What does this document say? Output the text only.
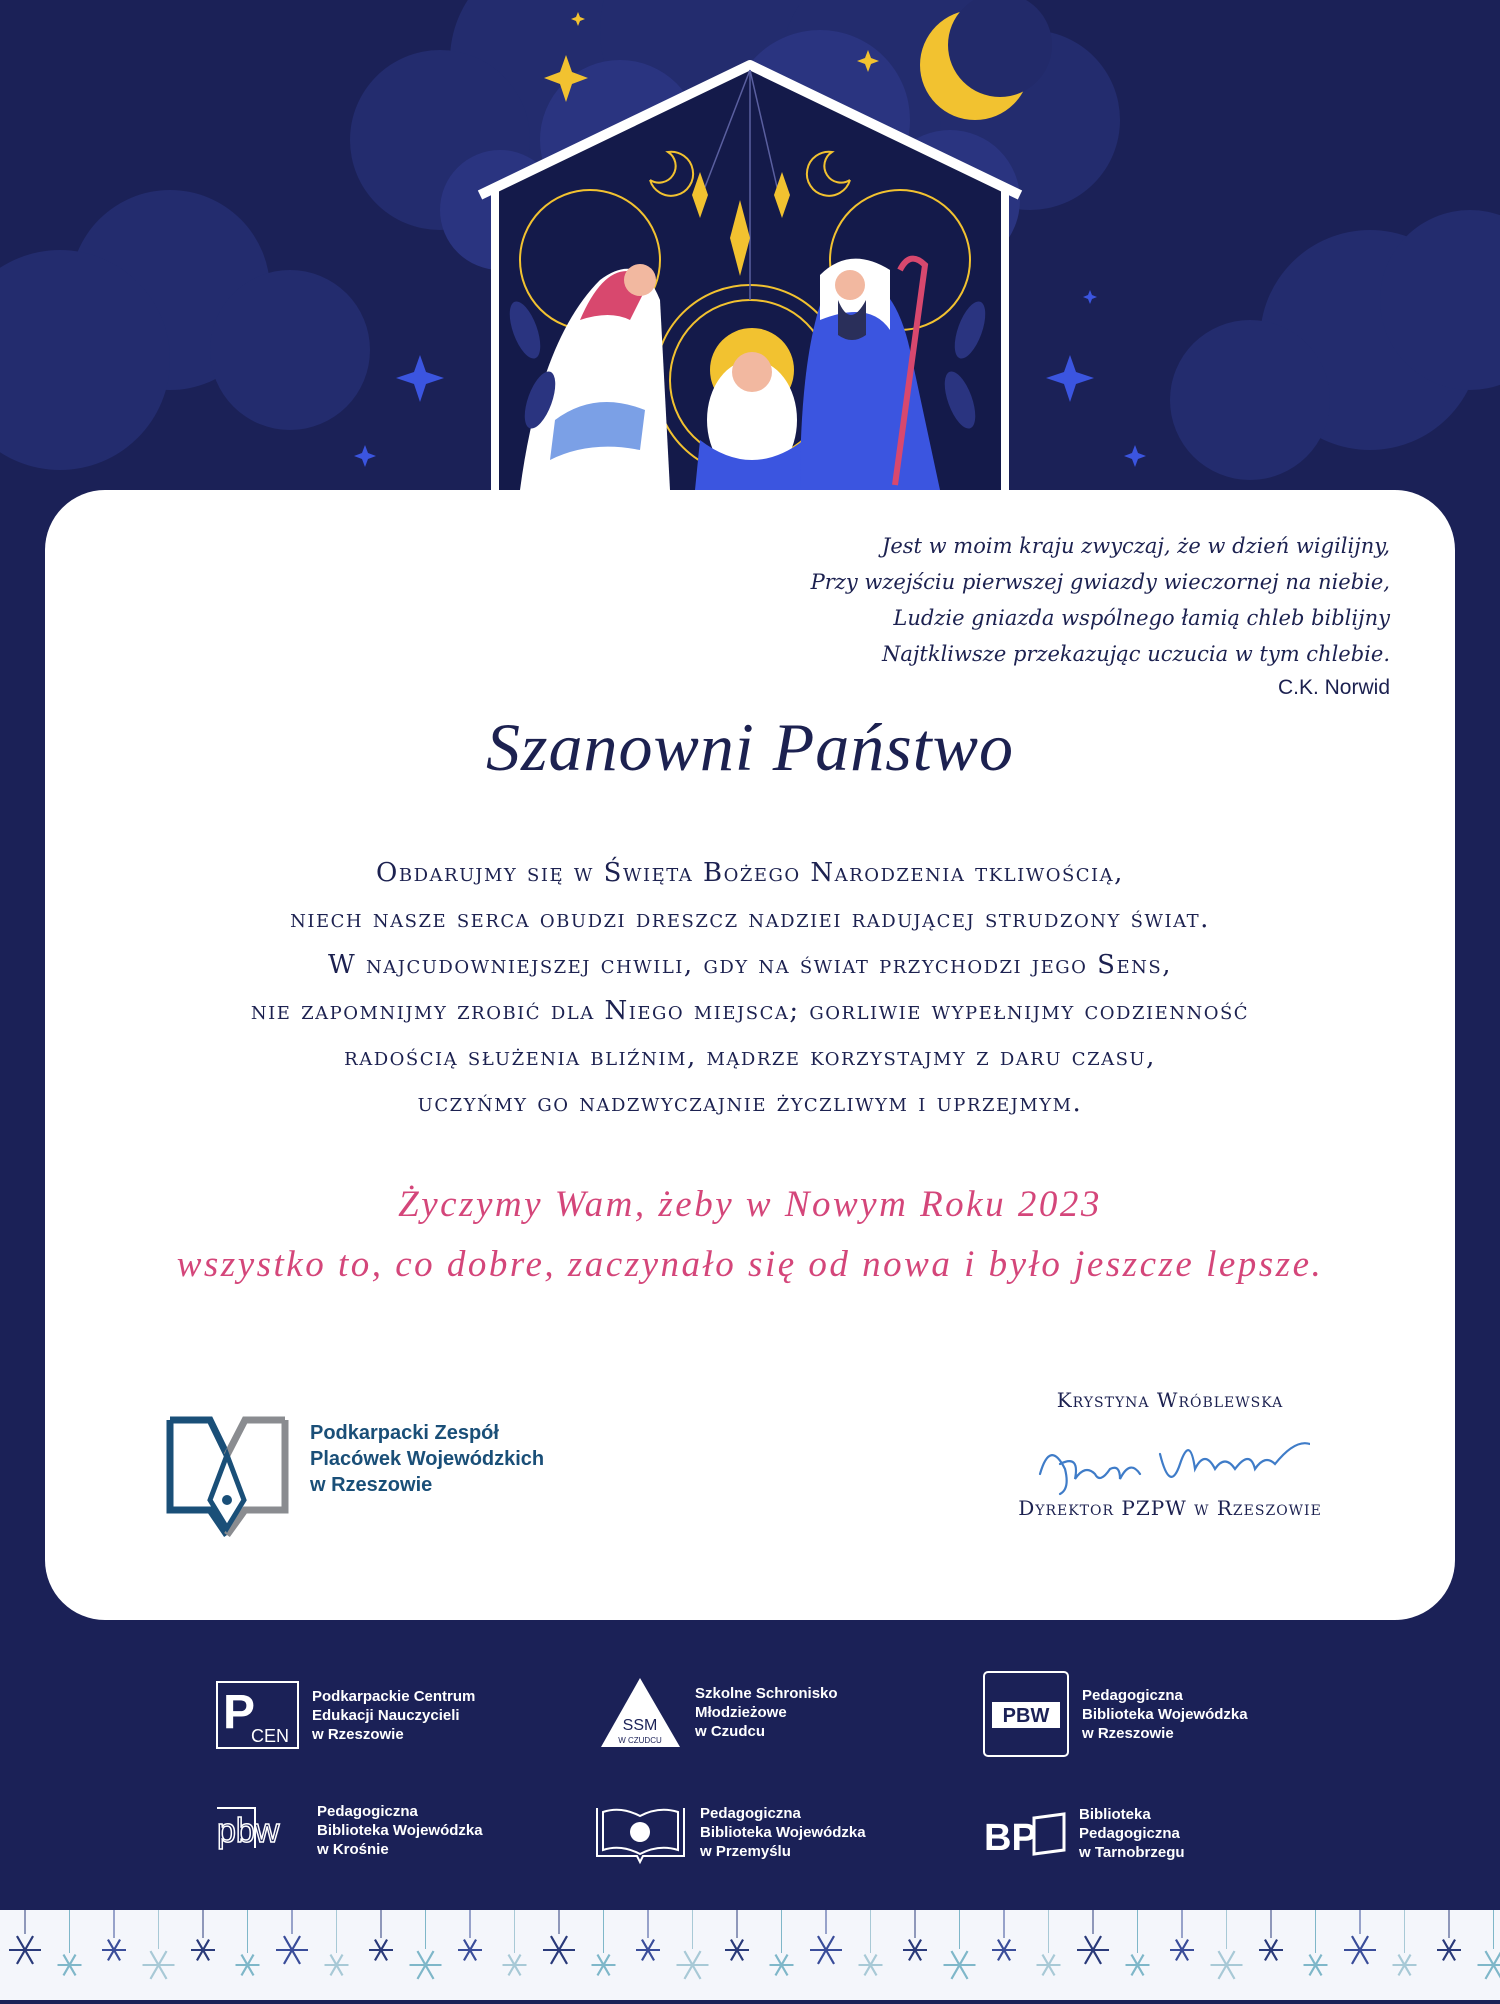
Jest w moim kraju zwyczaj, że w dzień wigilijny,
Przy wzejściu pierwszej gwiazdy wieczornej na niebie,
Ludzie gniazda wspólnego łamią chleb biblijny
Najtkliwsze przekazując uczucia w tym chlebie.
C.K. Norwid
Szanowni Państwo
Obdarujmy się w Święta Bożego Narodzenia tkliwością,
niech nasze serca obudzi dreszcz nadziei radującej strudzony świat.
W najcudowniejszej chwili, gdy na świat przychodzi jego Sens,
nie zapomnijmy zrobić dla Niego miejsca; gorliwie wypełnijmy codzienność
radością służenia bliźnim, mądrze korzystajmy z daru czasu,
uczyńmy go nadzwyczajnie życzliwym i uprzejmym.
Życzymy Wam, żeby w Nowym Roku 2023
wszystko to, co dobre, zaczynało się od nowa i było jeszcze lepsze.
Podkarpacki Zespół
Placówek Wojewódzkich
w Rzeszowie
Krystyna Wróblewska
Dyrektor PZPW w Rzeszowie
P
CEN
Podkarpackie Centrum
Edukacji Nauczycieli
w Rzeszowie	SSM
W CZUDCU
Szkolne Schronisko
Młodzieżowe
w Czudcu
PBW
Pedagogiczna
Biblioteka Wojewódzka
w Rzeszowie
pbw
Pedagogiczna
Biblioteka Wojewódzka
w Krośnie
Pedagogiczna
Biblioteka Wojewódzka
w Przemyślu	BP
Biblioteka
Pedagogiczna
w Tarnobrzegu
